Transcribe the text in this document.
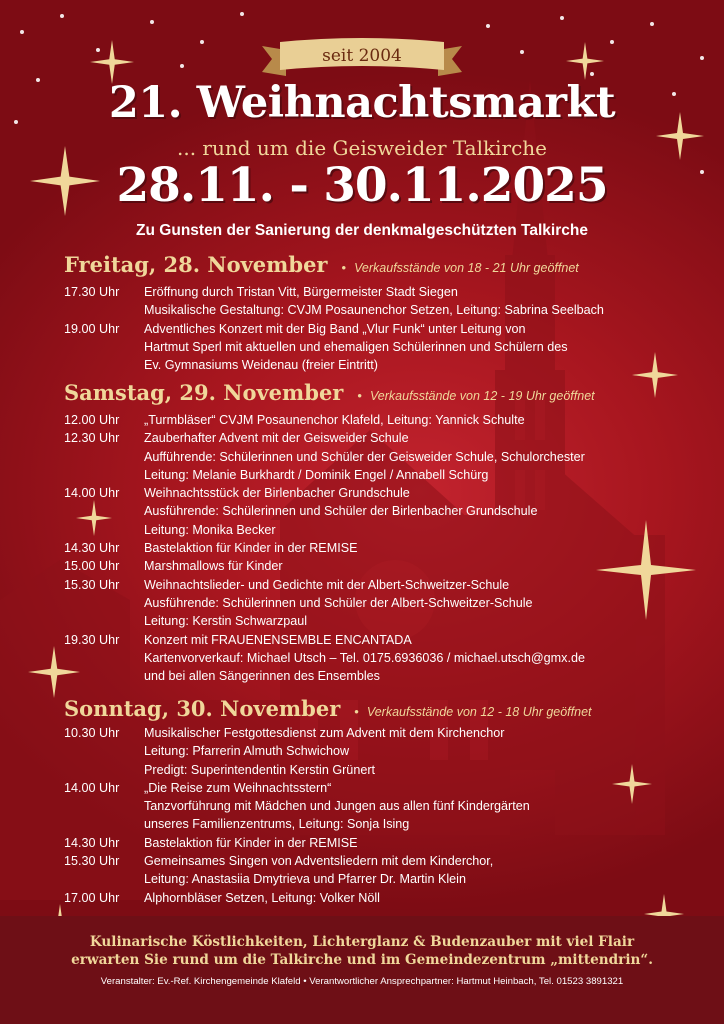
seit 2004
21. Weihnachtsmarkt
... rund um die Geisweider Talkirche
28.11. - 30.11.2025
Zu Gunsten der Sanierung der denkmalgeschützten Talkirche
Freitag, 28. November • Verkaufsstände von 18 - 21 Uhr geöffnet
17.30 Uhr	Eröffnung durch Tristan Vitt, Bürgermeister Stadt Siegen
Musikalische Gestaltung: CVJM Posaunenchor Setzen, Leitung: Sabrina Seelbach
19.00 Uhr	Adventliches Konzert mit der Big Band „Vlur Funk“ unter Leitung von
Hartmut Sperl mit aktuellen und ehemaligen Schülerinnen und Schülern des
Ev. Gymnasiums Weidenau (freier Eintritt)
Samstag, 29. November • Verkaufsstände von 12 - 19 Uhr geöffnet
12.00 Uhr	„Turmbläser“ CVJM Posaunenchor Klafeld, Leitung: Yannick Schulte
12.30 Uhr	Zauberhafter Advent mit der Geisweider Schule
Aufführende: Schülerinnen und Schüler der Geisweider Schule, Schulorchester
Leitung: Melanie Burkhardt / Dominik Engel / Annabell Schürg
14.00 Uhr	Weihnachtsstück der Birlenbacher Grundschule
Ausführende: Schülerinnen und Schüler der Birlenbacher Grundschule
Leitung: Monika Becker
14.30 Uhr	Bastelaktion für Kinder in der REMISE
15.00 Uhr	Marshmallows für Kinder
15.30 Uhr	Weihnachtslieder- und Gedichte mit der Albert-Schweitzer-Schule
Ausführende: Schülerinnen und Schüler der Albert-Schweitzer-Schule
Leitung: Kerstin Schwarzpaul
19.30 Uhr	Konzert mit FRAUENENSEMBLE ENCANTADA
Kartenvorverkauf: Michael Utsch – Tel. 0175.6936036 / michael.utsch@gmx.de
und bei allen Sängerinnen des Ensembles
Sonntag, 30. November • Verkaufsstände von 12 - 18 Uhr geöffnet
10.30 Uhr	Musikalischer Festgottesdienst zum Advent mit dem Kirchenchor
Leitung: Pfarrerin Almuth Schwichow
Predigt: Superintendentin Kerstin Grünert
14.00 Uhr	„Die Reise zum Weihnachtsstern“
Tanzvorführung mit Mädchen und Jungen aus allen fünf Kindergärten
unseres Familienzentrums, Leitung: Sonja Ising
14.30 Uhr	Bastelaktion für Kinder in der REMISE
15.30 Uhr	Gemeinsames Singen von Adventsliedern mit dem Kinderchor,
Leitung: Anastasiia Dmytrieva und Pfarrer Dr. Martin Klein
17.00 Uhr	Alphornbläser Setzen, Leitung: Volker Nöll
Kulinarische Köstlichkeiten, Lichterglanz & Budenzauber mit viel Flair
erwarten Sie rund um die Talkirche und im Gemeindezentrum „mittendrin“.
Veranstalter: Ev.-Ref. Kirchengemeinde Klafeld • Verantwortlicher Ansprechpartner: Hartmut Heinbach, Tel. 01523 3891321
